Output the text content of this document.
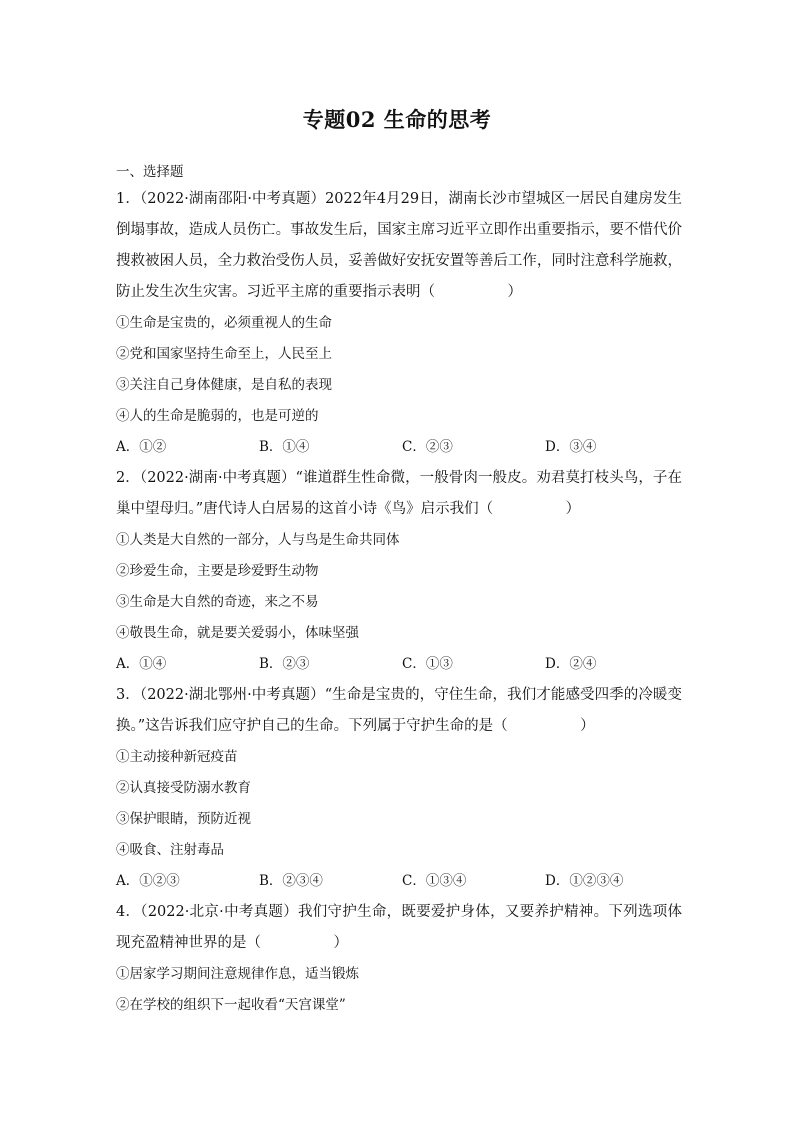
专题02 生命的思考
一、选择题

1．（2022·湖南邵阳·中考真题）2022年4月29日，湖南长沙市望城区一居民自建房发生倒塌事故，造成人员伤亡。事故发生后，国家主席习近平立即作出重要指示，要不惜代价搜救被困人员，全力救治受伤人员，妥善做好安抚安置等善后工作，同时注意科学施救，防止发生次生灾害。习近平主席的重要指示表明（　　　　　）

①生命是宝贵的，必须重视人的生命

②党和国家坚持生命至上，人民至上

③关注自己身体健康，是自私的表现

④人的生命是脆弱的，也是可逆的

A．①②	B．①④	C．②③	D．③④

2．（2022·湖南·中考真题）“谁道群生性命微，一般骨肉一般皮。劝君莫打枝头鸟，子在巢中望母归。”唐代诗人白居易的这首小诗《鸟》启示我们（　　　　　）

①人类是大自然的一部分，人与鸟是生命共同体

②珍爱生命，主要是珍爱野生动物

③生命是大自然的奇迹，来之不易

④敬畏生命，就是要关爱弱小，体味坚强

A．①④	B．②③	C．①③	D．②④

3．（2022·湖北鄂州·中考真题）“生命是宝贵的，守住生命，我们才能感受四季的冷暖变换。”这告诉我们应守护自己的生命。下列属于守护生命的是（　　　　　）

①主动接种新冠疫苗

②认真接受防溺水教育

③保护眼睛，预防近视

④吸食、注射毒品

A．①②③	B．②③④	C．①③④	D．①②③④

4．（2022·北京·中考真题）我们守护生命，既要爱护身体，又要养护精神。下列选项体现充盈精神世界的是（　　　　　）

①居家学习期间注意规律作息，适当锻炼

②在学校的组织下一起收看“天宫课堂”
